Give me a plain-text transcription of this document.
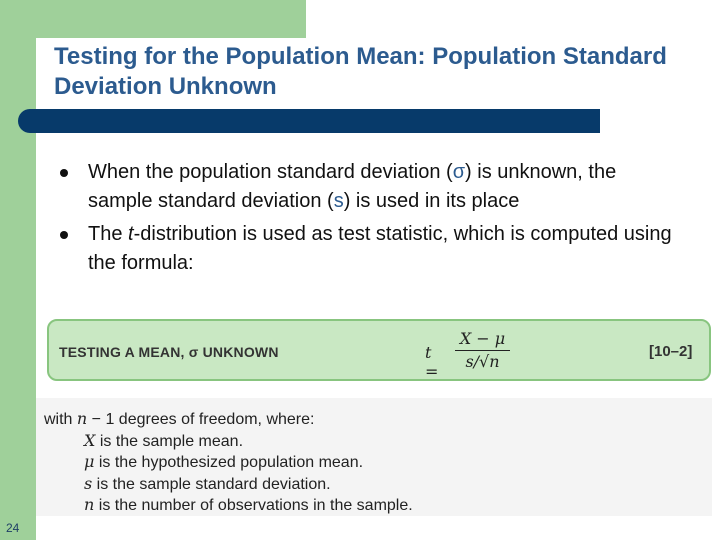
Testing for the Population Mean: Population Standard Deviation Unknown
When the population standard deviation (σ) is unknown, the sample standard deviation (s) is used in its place
The t-distribution is used as test statistic, which is computed using the formula:
TESTING A MEAN, σ UNKNOWN	t =
X − μ
s/√n
[10–2]
with n − 1 degrees of freedom, where:
X is the sample mean.
μ is the hypothesized population mean.
s is the sample standard deviation.
n is the number of observations in the sample.
24
